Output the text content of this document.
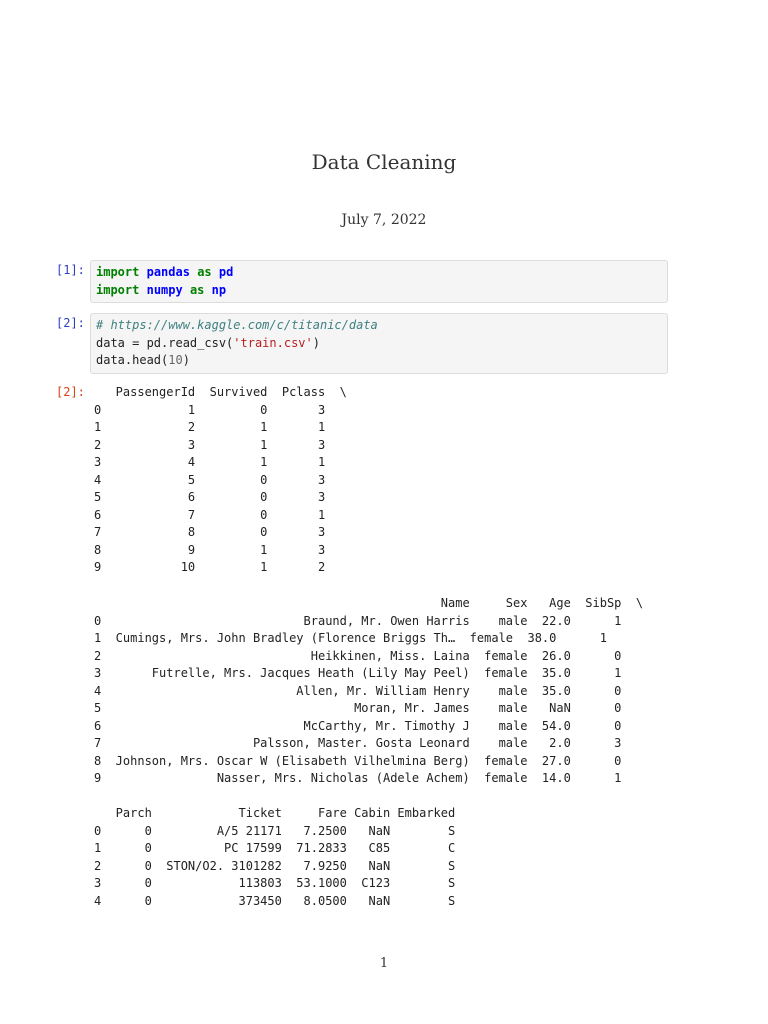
Data Cleaning
July 7, 2022
[1]: import pandas as pd
import numpy as np
[2]: # https://www.kaggle.com/c/titanic/data
data = pd.read_csv('train.csv')
data.head(10)
[2]: PassengerId  Survived  Pclass  \
0            1         0       3
1            2         1       1
2            3         1       3
3            4         1       1
4            5         0       3
5            6         0       3
6            7         0       1
7            8         0       3
8            9         1       3
9           10         1       2
Name     Sex   Age  SibSp  \
0                            Braund, Mr. Owen Harris    male  22.0      1
1  Cumings, Mrs. John Bradley (Florence Briggs Th…  female  38.0      1
2                             Heikkinen, Miss. Laina  female  26.0      0
3       Futrelle, Mrs. Jacques Heath (Lily May Peel)  female  35.0      1
4                           Allen, Mr. William Henry    male  35.0      0
5                                   Moran, Mr. James    male   NaN      0
6                            McCarthy, Mr. Timothy J    male  54.0      0
7                     Palsson, Master. Gosta Leonard    male   2.0      3
8  Johnson, Mrs. Oscar W (Elisabeth Vilhelmina Berg)  female  27.0      0
9                Nasser, Mrs. Nicholas (Adele Achem)  female  14.0      1
Parch            Ticket     Fare Cabin Embarked
0      0         A/5 21171   7.2500   NaN        S
1      0          PC 17599  71.2833   C85        C
2      0  STON/O2. 3101282   7.9250   NaN        S
3      0            113803  53.1000  C123        S
4      0            373450   8.0500   NaN        S
1
